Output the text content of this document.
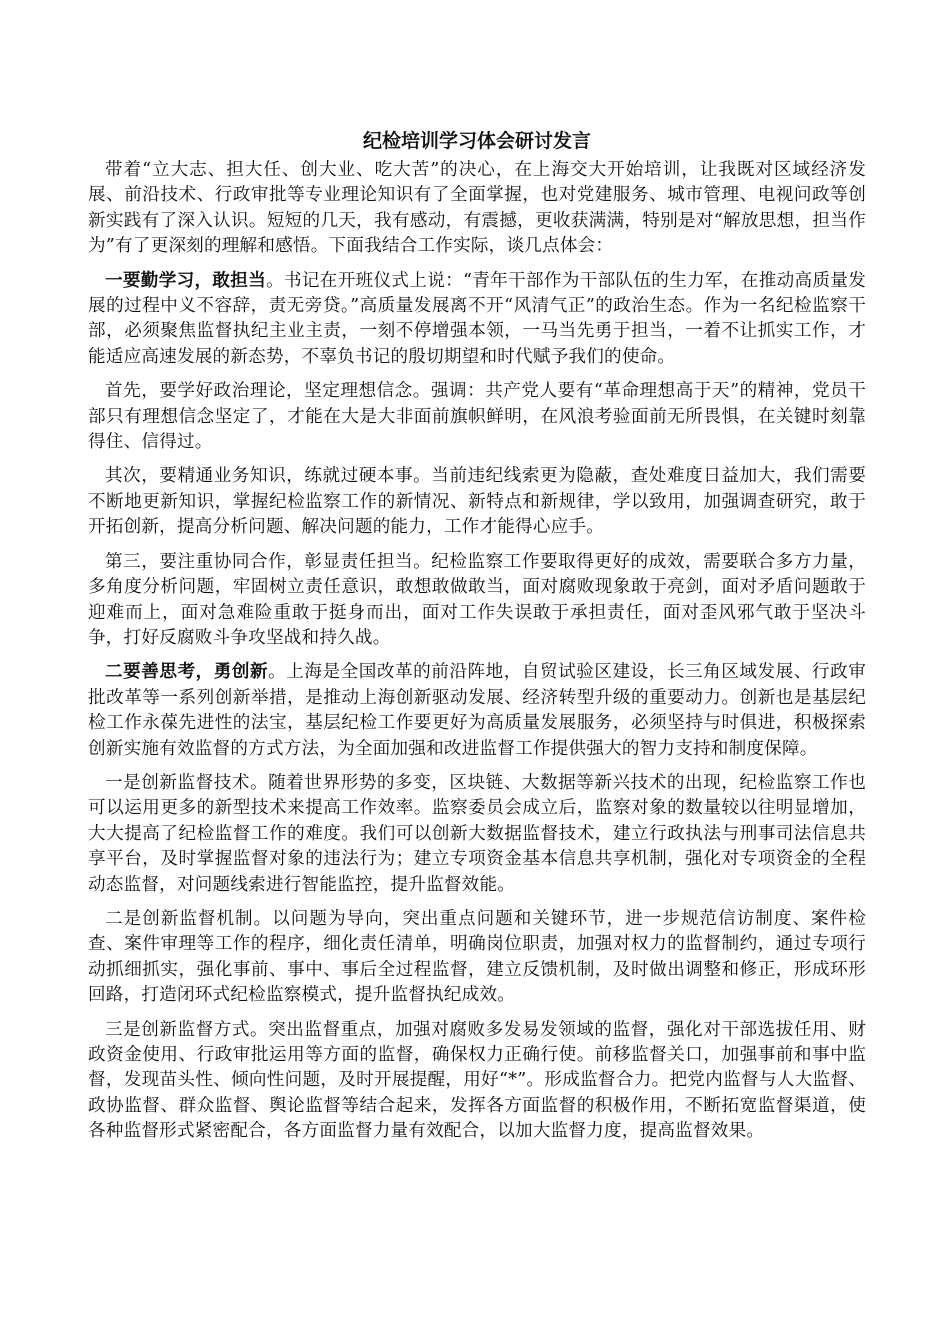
纪检培训学习体会研讨发言

带着“立大志、担大任、创大业、吃大苦”的决心，在上海交大开始培训，让我既对区域经济发展、前沿技术、行政审批等专业理论知识有了全面掌握，也对党建服务、城市管理、电视问政等创新实践有了深入认识。短短的几天，我有感动，有震撼，更收获满满，特别是对“解放思想，担当作为”有了更深刻的理解和感悟。下面我结合工作实际，谈几点体会：

一要勤学习，敢担当。书记在开班仪式上说：“青年干部作为干部队伍的生力军，在推动高质量发展的过程中义不容辞，责无旁贷。”高质量发展离不开“风清气正”的政治生态。作为一名纪检监察干部，必须聚焦监督执纪主业主责，一刻不停增强本领，一马当先勇于担当，一着不让抓实工作，才能适应高速发展的新态势，不辜负书记的殷切期望和时代赋予我们的使命。

首先，要学好政治理论，坚定理想信念。强调：共产党人要有“革命理想高于天”的精神，党员干部只有理想信念坚定了，才能在大是大非面前旗帜鲜明，在风浪考验面前无所畏惧，在关键时刻靠得住、信得过。

其次，要精通业务知识，练就过硬本事。当前违纪线索更为隐蔽，查处难度日益加大，我们需要不断地更新知识，掌握纪检监察工作的新情况、新特点和新规律，学以致用，加强调查研究，敢于开拓创新，提高分析问题、解决问题的能力，工作才能得心应手。

第三，要注重协同合作，彰显责任担当。纪检监察工作要取得更好的成效，需要联合多方力量，多角度分析问题，牢固树立责任意识，敢想敢做敢当，面对腐败现象敢于亮剑，面对矛盾问题敢于迎难而上，面对急难险重敢于挺身而出，面对工作失误敢于承担责任，面对歪风邪气敢于坚决斗争，打好反腐败斗争攻坚战和持久战。

二要善思考，勇创新。上海是全国改革的前沿阵地，自贸试验区建设，长三角区域发展、行政审批改革等一系列创新举措，是推动上海创新驱动发展、经济转型升级的重要动力。创新也是基层纪检工作永葆先进性的法宝，基层纪检工作要更好为高质量发展服务，必须坚持与时俱进，积极探索创新实施有效监督的方式方法，为全面加强和改进监督工作提供强大的智力支持和制度保障。

一是创新监督技术。随着世界形势的多变，区块链、大数据等新兴技术的出现，纪检监察工作也可以运用更多的新型技术来提高工作效率。监察委员会成立后，监察对象的数量较以往明显增加，大大提高了纪检监督工作的难度。我们可以创新大数据监督技术，建立行政执法与刑事司法信息共享平台，及时掌握监督对象的违法行为；建立专项资金基本信息共享机制，强化对专项资金的全程动态监督，对问题线索进行智能监控，提升监督效能。

二是创新监督机制。以问题为导向，突出重点问题和关键环节，进一步规范信访制度、案件检查、案件审理等工作的程序，细化责任清单，明确岗位职责，加强对权力的监督制约，通过专项行动抓细抓实，强化事前、事中、事后全过程监督，建立反馈机制，及时做出调整和修正，形成环形回路，打造闭环式纪检监察模式，提升监督执纪成效。

三是创新监督方式。突出监督重点，加强对腐败多发易发领域的监督，强化对干部选拔任用、财政资金使用、行政审批运用等方面的监督，确保权力正确行使。前移监督关口，加强事前和事中监督，发现苗头性、倾向性问题，及时开展提醒，用好“*”。形成监督合力。把党内监督与人大监督、政协监督、群众监督、舆论监督等结合起来，发挥各方面监督的积极作用，不断拓宽监督渠道，使各种监督形式紧密配合，各方面监督力量有效配合，以加大监督力度，提高监督效果。
